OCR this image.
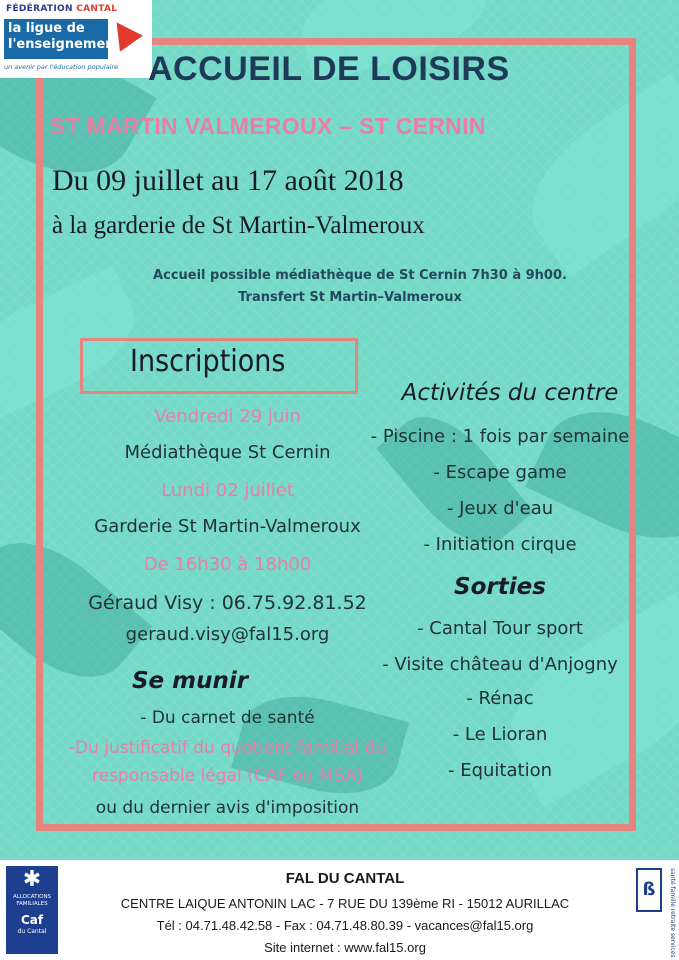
FÉDÉRATION CANTAL
la ligue de
l'enseignement
un avenir par l'éducation populaire ACCUEIL DE LOISIRS
ST MARTIN VALMEROUX – ST CERNIN
Du 09 juillet au 17 août 2018
à la garderie de St Martin-Valmeroux
Accueil possible médiathèque de St Cernin 7h30 à 9h00.
Transfert St Martin–Valmeroux
Inscriptions
Vendredi 29 juin
Médiathèque St Cernin
Lundi 02 juillet
Garderie St Martin-Valmeroux
De 16h30 à 18h00
Géraud Visy : 06.75.92.81.52
geraud.visy@fal15.org
Se munir
- Du carnet de santé
-Du justificatif du quotient familial du
responsable légal (CAF ou MSA)
ou du dernier avis d'imposition
Activités du centre
- Piscine : 1 fois par semaine
- Escape game
- Jeux d'eau
- Initiation cirque
Sorties
- Cantal Tour sport
- Visite château d'Anjogny
- Rénac
- Le Lioran
- Equitation
✱
ALLOCATIONS FAMILIALES
Caf
du Cantal
ß	santé famille retraite services
FAL DU CANTAL
CENTRE LAIQUE ANTONIN LAC - 7 RUE DU 139ème RI - 15012 AURILLAC
Tél : 04.71.48.42.58 - Fax : 04.71.48.80.39 - vacances@fal15.org
Site internet : www.fal15.org
